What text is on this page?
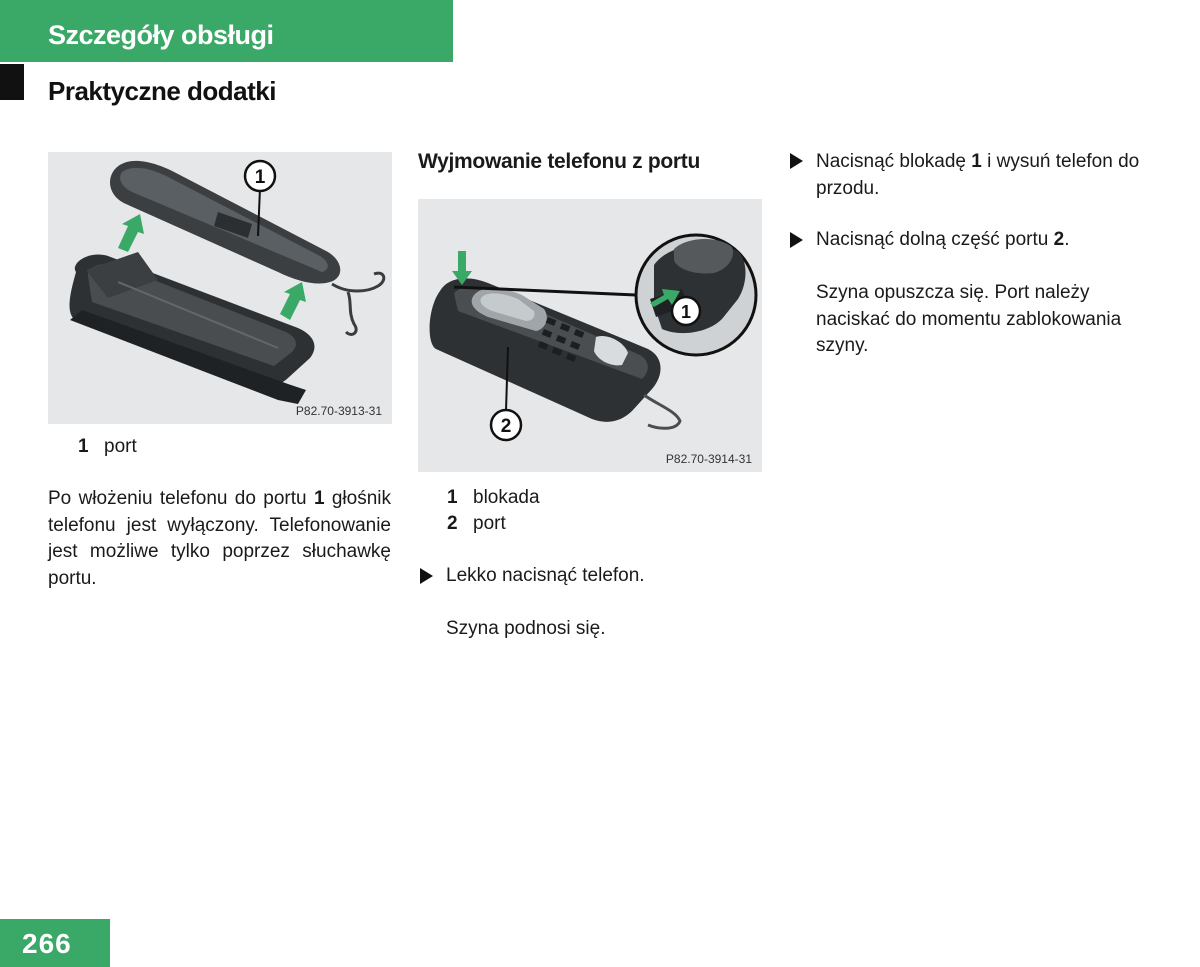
Szczegóły obsługi
Praktyczne dodatki
1
P82.70-3913-31
1 port
Po włożeniu telefonu do portu 1 głośnik telefonu jest wyłączony. Telefonowanie jest możliwe tylko poprzez słuchawkę portu.
Wyjmowanie telefonu z portu
1
2
P82.70-3914-31
1 blokada
2 port
Lekko nacisnąć telefon.
Szyna podnosi się.
Nacisnąć blokadę 1 i wysuń telefon do przodu.
Nacisnąć dolną część portu 2.
Szyna opuszcza się. Port należy naciskać do momentu zablokowania szyny.
266
